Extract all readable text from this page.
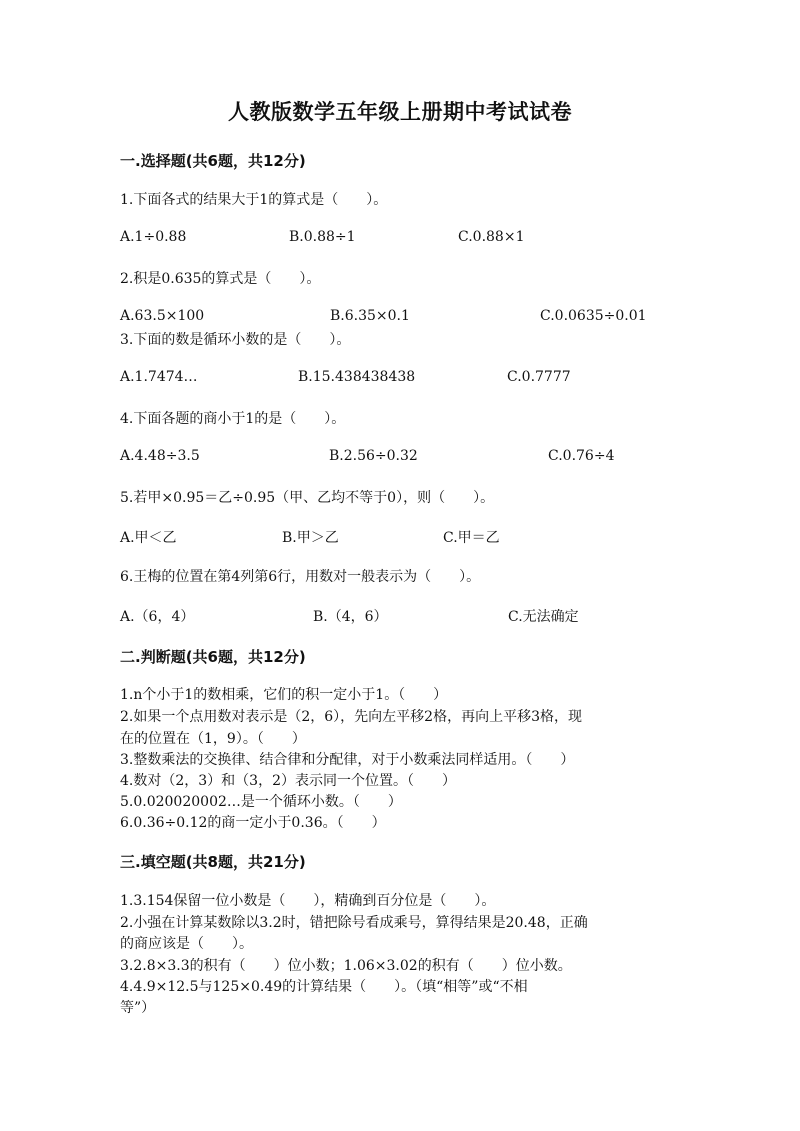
人教版数学五年级上册期中考试试卷
一.选择题(共6题，共12分)
1.下面各式的结果大于1的算式是（　　）。
A.1÷0.88	B.0.88÷1	C.0.88×1
2.积是0.635的算式是（　　）。
A.63.5×100	B.6.35×0.1	C.0.0635÷0.01
3.下面的数是循环小数的是（　　）。
A.1.7474…	B.15.438438438	C.0.7777
4.下面各题的商小于1的是（　　）。
A.4.48÷3.5	B.2.56÷0.32	C.0.76÷4
5.若甲×0.95＝乙÷0.95（甲、乙均不等于0），则（　　）。
A.甲＜乙	B.甲＞乙	C.甲＝乙
6.王梅的位置在第4列第6行，用数对一般表示为（　　）。
A.（6，4）	B.（4，6）	C.无法确定
二.判断题(共6题，共12分)
1.n个小于1的数相乘，它们的积一定小于1。（　　）
2.如果一个点用数对表示是（2，6），先向左平移2格，再向上平移3格，现
在的位置在（1，9）。（　　）
3.整数乘法的交换律、结合律和分配律，对于小数乘法同样适用。（　　）
4.数对（2，3）和（3，2）表示同一个位置。（　　）
5.0.020020002…是一个循环小数。（　　）
6.0.36÷0.12的商一定小于0.36。（　　）
三.填空题(共8题，共21分)
1.3.154保留一位小数是（　　），精确到百分位是（　　）。
2.小强在计算某数除以3.2时，错把除号看成乘号，算得结果是20.48，正确
的商应该是（　　）。
3.2.8×3.3的积有（　　）位小数；1.06×3.02的积有（　　）位小数。
4.4.9×12.5与125×0.49的计算结果（　　）。（填“相等”或“不相
等”）
